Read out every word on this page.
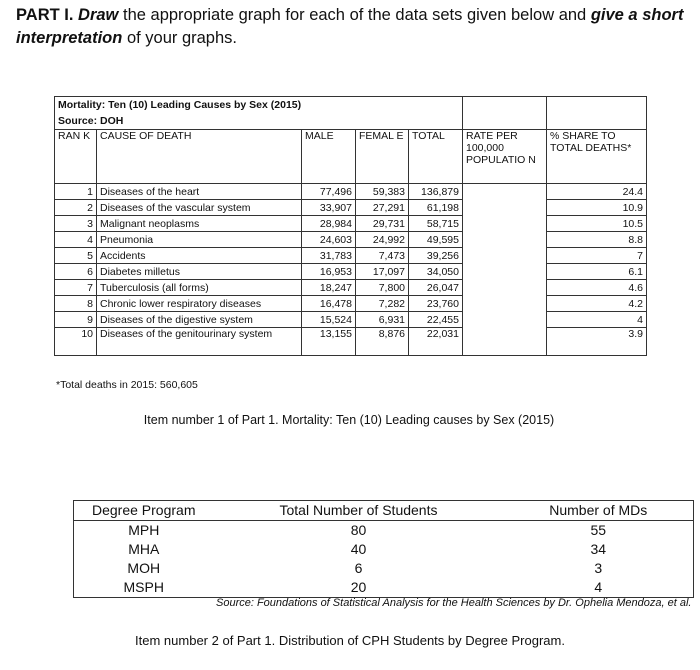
PART I. Draw the appropriate graph for each of the data sets given below and give a short interpretation of your graphs.
Mortality: Ten (10) Leading Causes by Sex (2015)						
Source: DOH						
RAN K	CAUSE OF DEATH	MALE	FEMAL E	TOTAL	RATE PER 100,000 POPULATIO N	% SHARE TO TOTAL DEATHS*
1	Diseases of the heart	77,496	59,383	136,879		24.4
2	Diseases of the vascular system	33,907	27,291	61,198		10.9
3	Malignant neoplasms	28,984	29,731	58,715		10.5
4	Pneumonia	24,603	24,992	49,595		8.8
5	Accidents	31,783	7,473	39,256		7
6	Diabetes milletus	16,953	17,097	34,050		6.1
7	Tuberculosis (all forms)	18,247	7,800	26,047		4.6
8	Chronic lower respiratory diseases	16,478	7,282	23,760		4.2
9	Diseases of the digestive system	15,524	6,931	22,455		4
10	Diseases of the genitourinary system	13,155	8,876	22,031		3.9
*Total deaths in 2015: 560,605
Item number 1 of Part 1. Mortality: Ten (10) Leading causes by Sex (2015)
Degree Program	Total Number of Students	Number of MDs
MPH	80	55
MHA	40	34
MOH	6	3
MSPH	20	4
Source: Foundations of Statistical Analysis for the Health Sciences by Dr. Ophelia Mendoza, et al.
Item number 2 of Part 1. Distribution of CPH Students by Degree Program.
